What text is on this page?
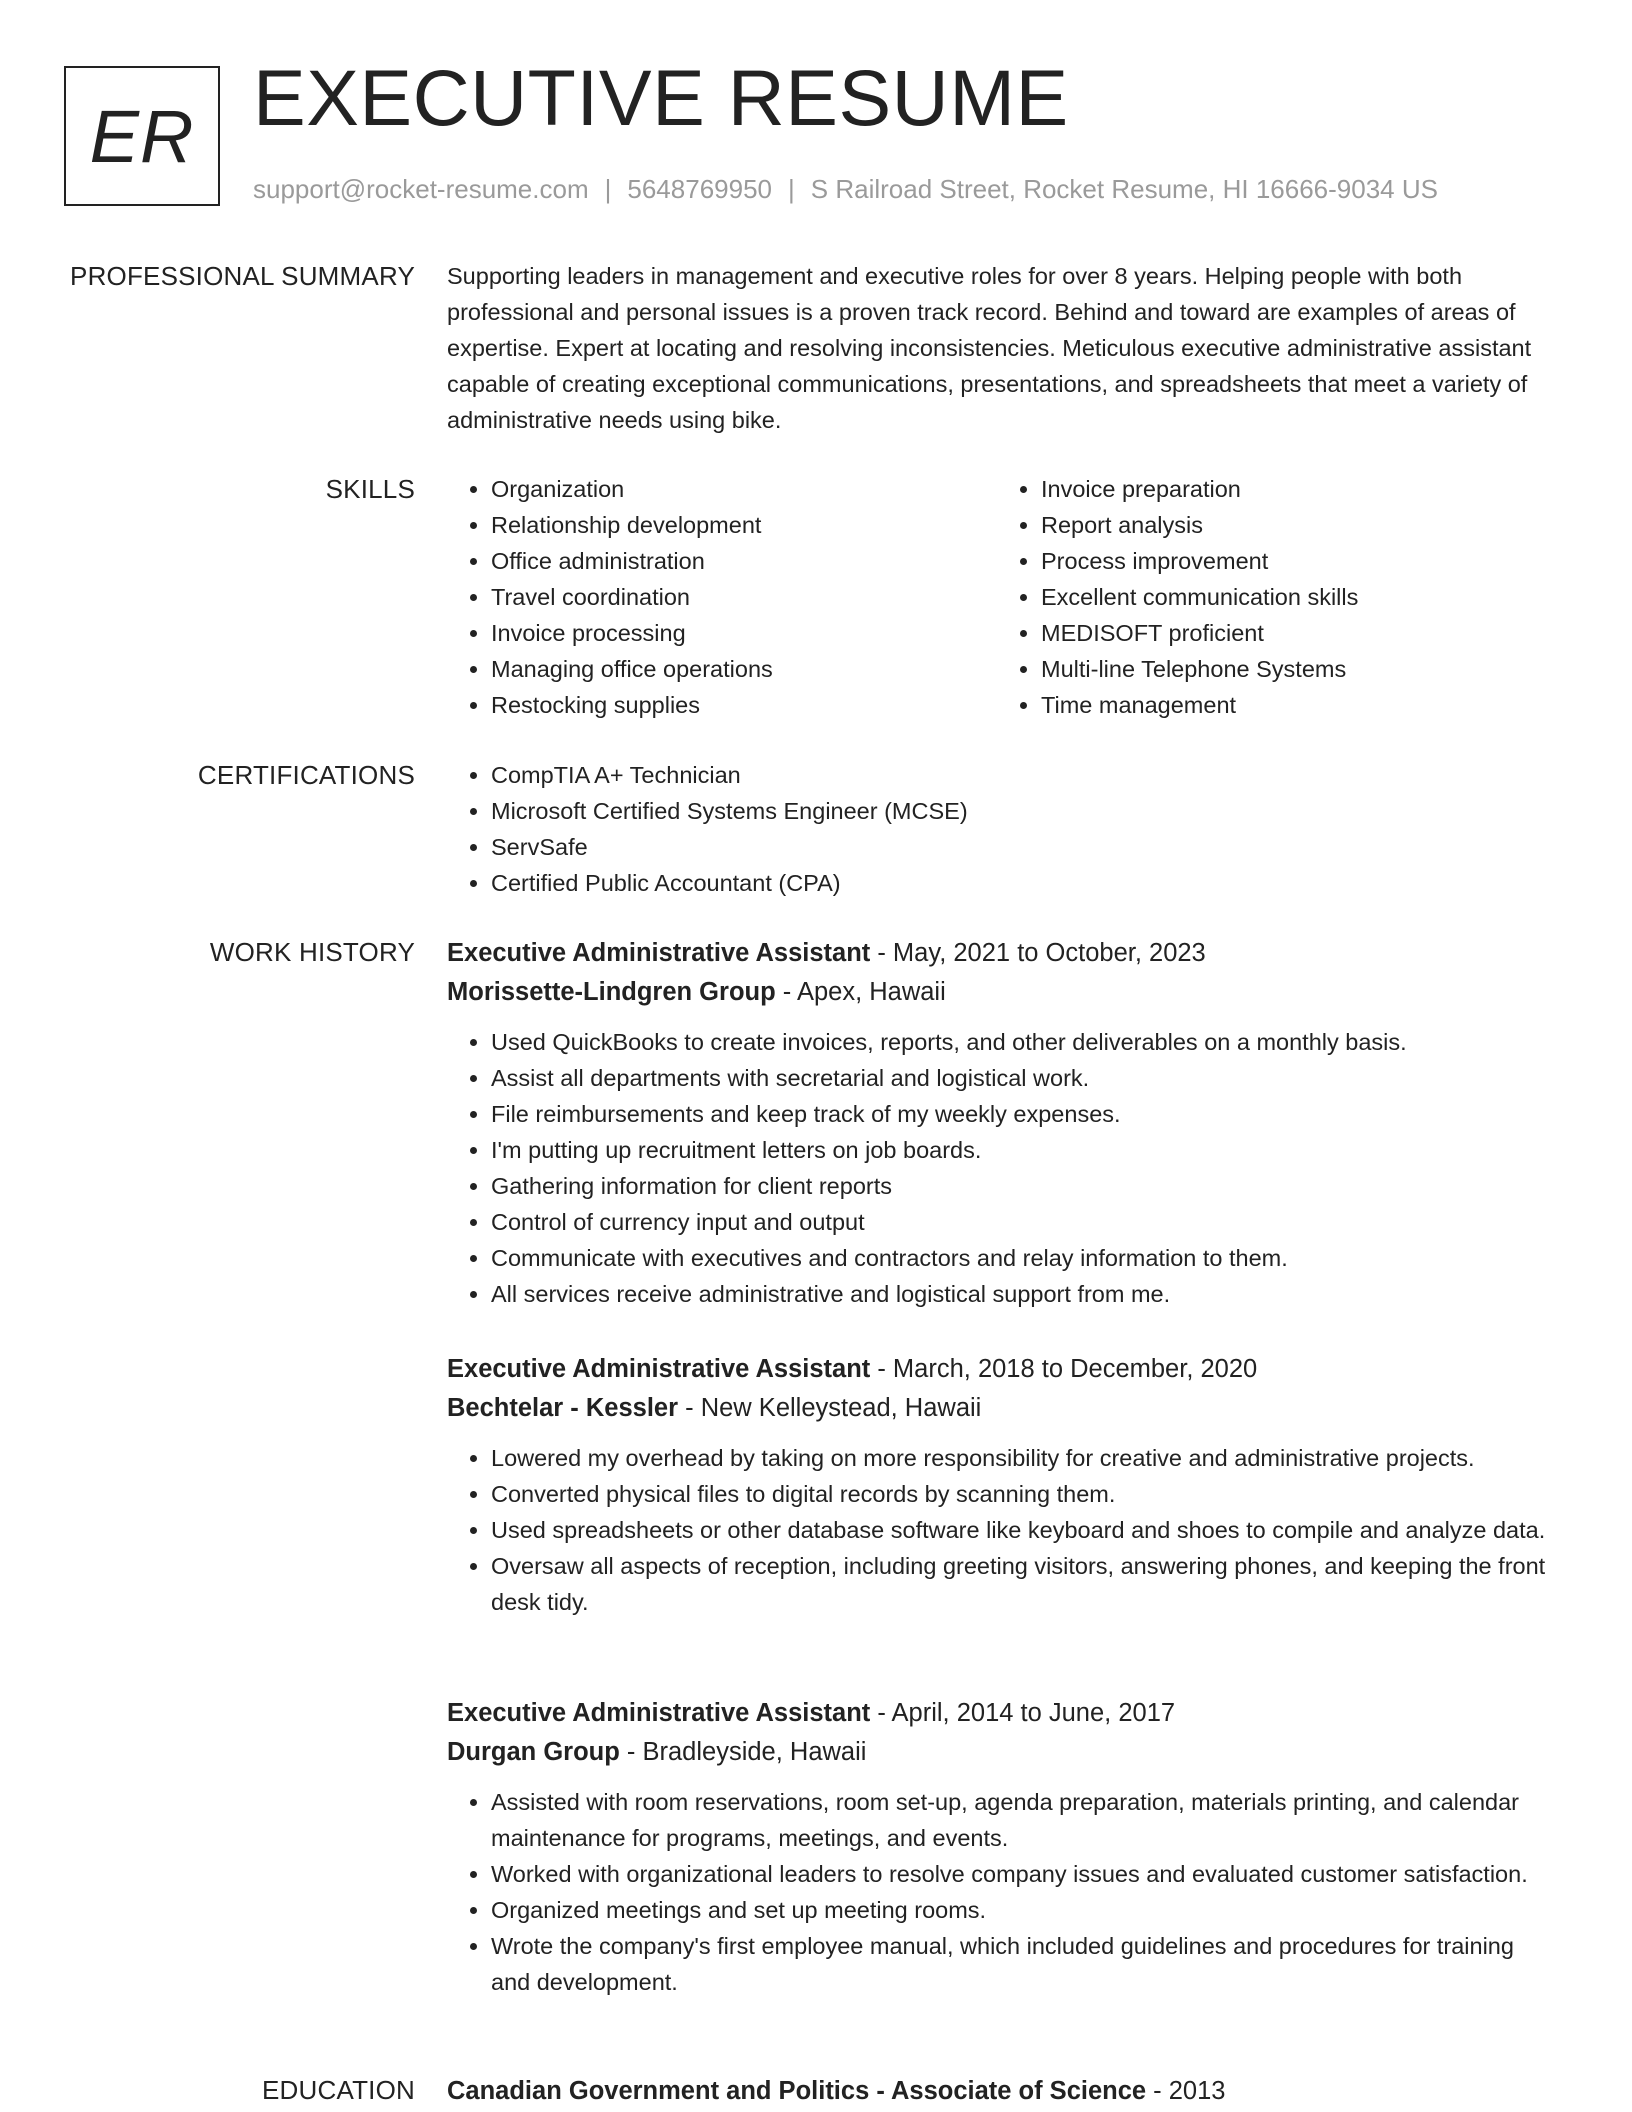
ER EXECUTIVE RESUME
support@rocket-resume.com | 5648769950 | S Railroad Street, Rocket Resume, HI 16666-9034 US
PROFESSIONAL SUMMARY Supporting leaders in management and executive roles for over 8 years. Helping people with both professional and personal issues is a proven track record. Behind and toward are examples of areas of expertise. Expert at locating and resolving inconsistencies. Meticulous executive administrative assistant capable of creating exceptional communications, presentations, and spreadsheets that meet a variety of administrative needs using bike.

SKILLS	• Organization
• Relationship development
• Office administration
• Travel coordination
• Invoice processing
• Managing office operations
• Restocking supplies
• Invoice preparation
• Report analysis
• Process improvement
• Excellent communication skills
• MEDISOFT proficient
• Multi-line Telephone Systems
• Time management
CERTIFICATIONS	• CompTIA A+ Technician
• Microsoft Certified Systems Engineer (MCSE)
• ServSafe
• Certified Public Accountant (CPA)
WORK HISTORY Executive Administrative Assistant - May, 2021 to October, 2023
Morissette-Lindgren Group - Apex, Hawaii
• Used QuickBooks to create invoices, reports, and other deliverables on a monthly basis.
• Assist all departments with secretarial and logistical work.
• File reimbursements and keep track of my weekly expenses.
• I'm putting up recruitment letters on job boards.
• Gathering information for client reports
• Control of currency input and output
• Communicate with executives and contractors and relay information to them.
• All services receive administrative and logistical support from me.
Executive Administrative Assistant - March, 2018 to December, 2020
Bechtelar - Kessler - New Kelleystead, Hawaii
• Lowered my overhead by taking on more responsibility for creative and administrative projects.
• Converted physical files to digital records by scanning them.
• Used spreadsheets or other database software like keyboard and shoes to compile and analyze data.
• Oversaw all aspects of reception, including greeting visitors, answering phones, and keeping the front desk tidy.
Executive Administrative Assistant - April, 2014 to June, 2017
Durgan Group - Bradleyside, Hawaii
• Assisted with room reservations, room set-up, agenda preparation, materials printing, and calendar maintenance for programs, meetings, and events.
• Worked with organizational leaders to resolve company issues and evaluated customer satisfaction.
• Organized meetings and set up meeting rooms.
• Wrote the company's first employee manual, which included guidelines and procedures for training and development.
EDUCATION Canadian Government and Politics - Associate of Science - 2013
